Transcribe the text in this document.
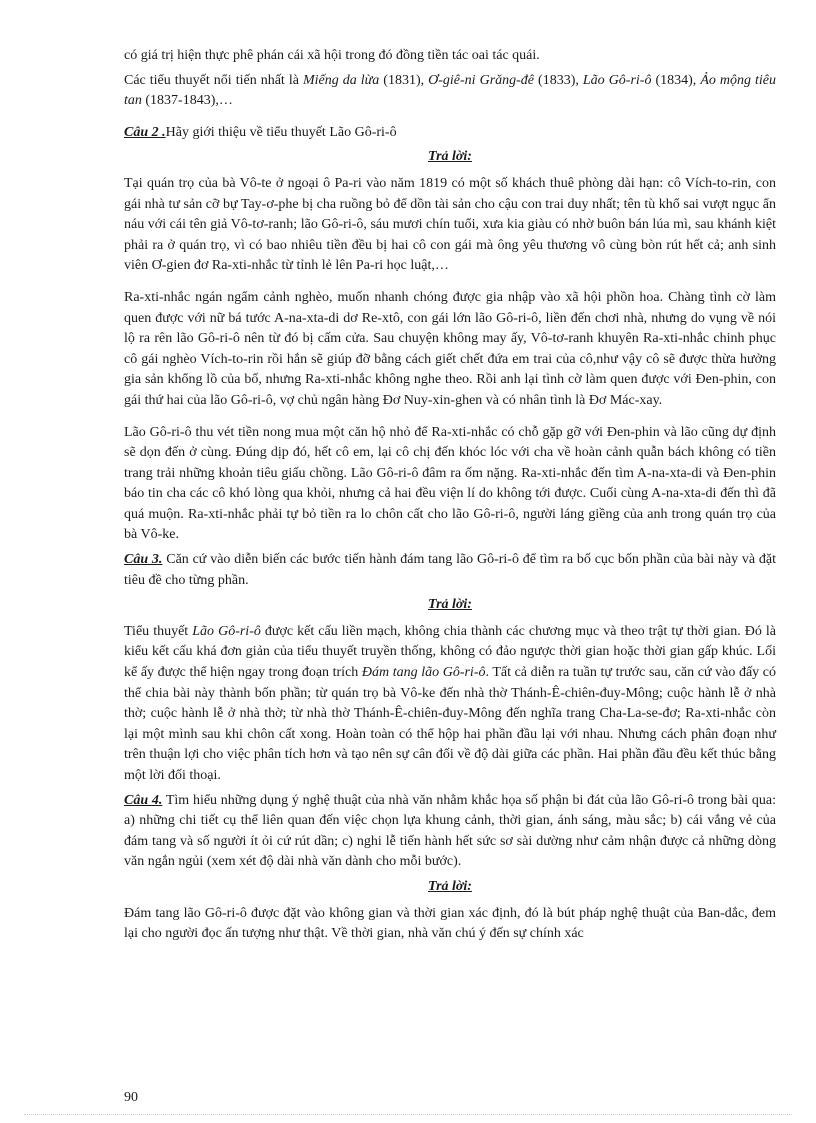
có giá trị hiện thực phê phán cái xã hội trong đó đồng tiền tác oai tác quái.

Các tiểu thuyết nổi tiến nhất là Miếng da lừa (1831), Ơ-giê-ni Grăng-đê (1833), Lão Gô-ri-ô (1834), Ảo mộng tiêu tan (1837-1843),…

Câu 2 .Hãy giới thiệu về tiểu thuyết Lão Gô-ri-ô

Trả lời:

Tại quán trọ của bà Vô-te ở ngoại ô Pa-ri vào năm 1819 có một số khách thuê phòng dài hạn: cô Vích-to-rin, con gái nhà tư sản cỡ bự Tay-ơ-phe bị cha ruồng bỏ để dồn tài sản cho cậu con trai duy nhất; tên tù khổ sai vượt ngục ẩn náu với cái tên giả Vô-tơ-ranh; lão Gô-ri-ô, sáu mươi chín tuổi, xưa kia giàu có nhờ buôn bán lúa mì, sau khánh kiệt phải ra ở quán trọ, vì có bao nhiêu tiền đều bị hai cô con gái mà ông yêu thương vô cùng bòn rút hết cả; anh sinh viên Ơ-gien đơ Ra-xti-nhắc từ tỉnh lẻ lên Pa-ri học luật,…

Ra-xti-nhắc ngán ngẩm cảnh nghèo, muốn nhanh chóng được gia nhập vào xã hội phồn hoa. Chàng tình cờ làm quen được với nữ bá tước A-na-xta-di dơ Re-xtô, con gái lớn lão Gô-ri-ô, liền đến chơi nhà, nhưng do vụng về nói lộ ra rên lão Gô-ri-ô nên từ đó bị cấm cửa. Sau chuyện không may ấy, Vô-tơ-ranh khuyên Ra-xti-nhắc chinh phục cô gái nghèo Vích-to-rin rồi hắn sẽ giúp đỡ bằng cách giết chết đứa em trai của cô,như vậy cô sẽ được thừa hưởng gia sản khổng lồ của bố, nhưng Ra-xti-nhắc không nghe theo. Rồi anh lại tình cờ làm quen được với Đen-phin, con gái thứ hai của lão Gô-ri-ô, vợ chủ ngân hàng Đơ Nuy-xin-ghen và có nhân tình là Đơ Mác-xay.

Lão Gô-ri-ô thu vét tiền nong mua một căn hộ nhỏ để Ra-xti-nhắc có chỗ gặp gỡ với Đen-phin và lão cũng dự định sẽ dọn đến ở cùng. Đúng dịp đó, hết cô em, lại cô chị đến khóc lóc với cha về hoàn cảnh quẫn bách không có tiền trang trải những khoản tiêu giấu chồng. Lão Gô-ri-ô đâm ra ốm nặng. Ra-xti-nhắc đến tìm A-na-xta-di và Đen-phin báo tin cha các cô khó lòng qua khỏi, nhưng cả hai đều viện lí do không tới được. Cuối cùng A-na-xta-di đến thì đã quá muộn. Ra-xti-nhắc phải tự bỏ tiền ra lo chôn cất cho lão Gô-ri-ô, người láng giềng của anh trong quán trọ của bà Vô-ke.

Câu 3. Căn cứ vào diễn biến các bước tiến hành đám tang lão Gô-ri-ô để tìm ra bố cục bốn phần của bài này và đặt tiêu đề cho từng phần.

Trả lời:

Tiểu thuyết Lão Gô-ri-ô được kết cấu liền mạch, không chia thành các chương mục và theo trật tự thời gian. Đó là kiểu kết cấu khá đơn giản của tiểu thuyết truyền thống, không có đảo ngược thời gian hoặc thời gian gấp khúc. Lối kể ấy được thể hiện ngay trong đoạn trích Đám tang lão Gô-ri-ô. Tất cả diễn ra tuần tự trước sau, căn cứ vào đấy có thể chia bài này thành bốn phần; từ quán trọ bà Vô-ke đến nhà thờ Thánh-Ê-chiên-đuy-Mông; cuộc hành lễ ở nhà thờ; cuộc hành lễ ở nhà thờ; từ nhà thờ Thánh-Ê-chiên-đuy-Mông đến nghĩa trang Cha-La-se-đơ; Ra-xti-nhắc còn lại một mình sau khi chôn cất xong. Hoàn toàn có thể hộp hai phần đầu lại với nhau. Nhưng cách phân đoạn như trên thuận lợi cho việc phân tích hơn và tạo nên sự cân đối về độ dài giữa các phần. Hai phần đầu đều kết thúc bằng một lời đối thoại.

Câu 4. Tìm hiểu những dụng ý nghệ thuật của nhà văn nhằm khắc họa số phận bi đát của lão Gô-ri-ô trong bài qua: a) những chi tiết cụ thể liên quan đến việc chọn lựa khung cảnh, thời gian, ánh sáng, màu sắc; b) cái vắng vẻ của đám tang và số người ít ỏi cứ rút dần; c) nghi lễ tiến hành hết sức sơ sài dường như cảm nhận được cả những dòng văn ngắn ngủi (xem xét độ dài nhà văn dành cho mỗi bước).

Trả lời:

Đám tang lão Gô-ri-ô được đặt vào không gian và thời gian xác định, đó là bút pháp nghệ thuật của Ban-dắc, đem lại cho người đọc ấn tượng như thật. Về thời gian, nhà văn chú ý đến sự chính xác

90
